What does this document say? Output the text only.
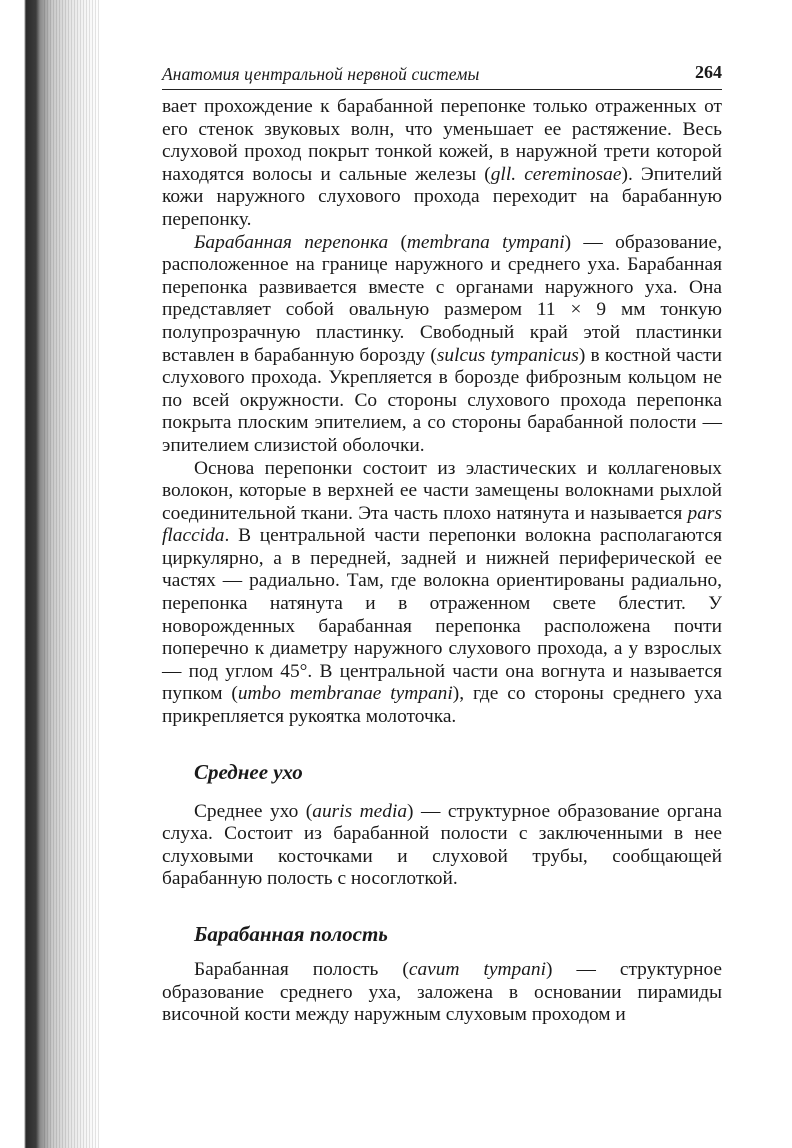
Анатомия центральной нервной системы	264

вает прохождение к барабанной перепонке только отраженных от его стенок звуковых волн, что уменьшает ее растяжение. Весь слуховой проход покрыт тонкой кожей, в наружной трети которой находятся волосы и сальные железы (gll. cereminosae). Эпителий кожи наружного слухового прохода переходит на барабанную перепонку.

Барабанная перепонка (membrana tympani) — образование, расположенное на границе наружного и среднего уха. Барабанная перепонка развивается вместе с органами наружного уха. Она представляет собой овальную размером 11 × 9 мм тонкую полупрозрачную пластинку. Свободный край этой пластинки вставлен в барабанную борозду (sulcus tympanicus) в костной части слухового прохода. Укрепляется в борозде фиброзным кольцом не по всей окружности. Со стороны слухового прохода перепонка покрыта плоским эпителием, а со стороны барабанной полости — эпителием слизистой оболочки.

Основа перепонки состоит из эластических и коллагеновых волокон, которые в верхней ее части замещены волокнами рыхлой соединительной ткани. Эта часть плохо натянута и называется pars flaccida. В центральной части перепонки волокна располагаются циркулярно, а в передней, задней и нижней периферической ее частях — радиально. Там, где волокна ориентированы радиально, перепонка натянута и в отраженном свете блестит. У новорожденных барабанная перепонка расположена почти поперечно к диаметру наружного слухового прохода, а у взрослых — под углом 45°. В центральной части она вогнута и называется пупком (umbo membranae tympani), где со стороны среднего уха прикрепляется рукоятка молоточка.

Среднее ухо

Среднее ухо (auris media) — структурное образование органа слуха. Состоит из барабанной полости с заключенными в нее слуховыми косточками и слуховой трубы, сообщающей барабанную полость с носоглоткой.

Барабанная полость

Барабанная полость (cavum tympani) — структурное образование среднего уха, заложена в основании пирамиды височной кости между наружным слуховым проходом и
